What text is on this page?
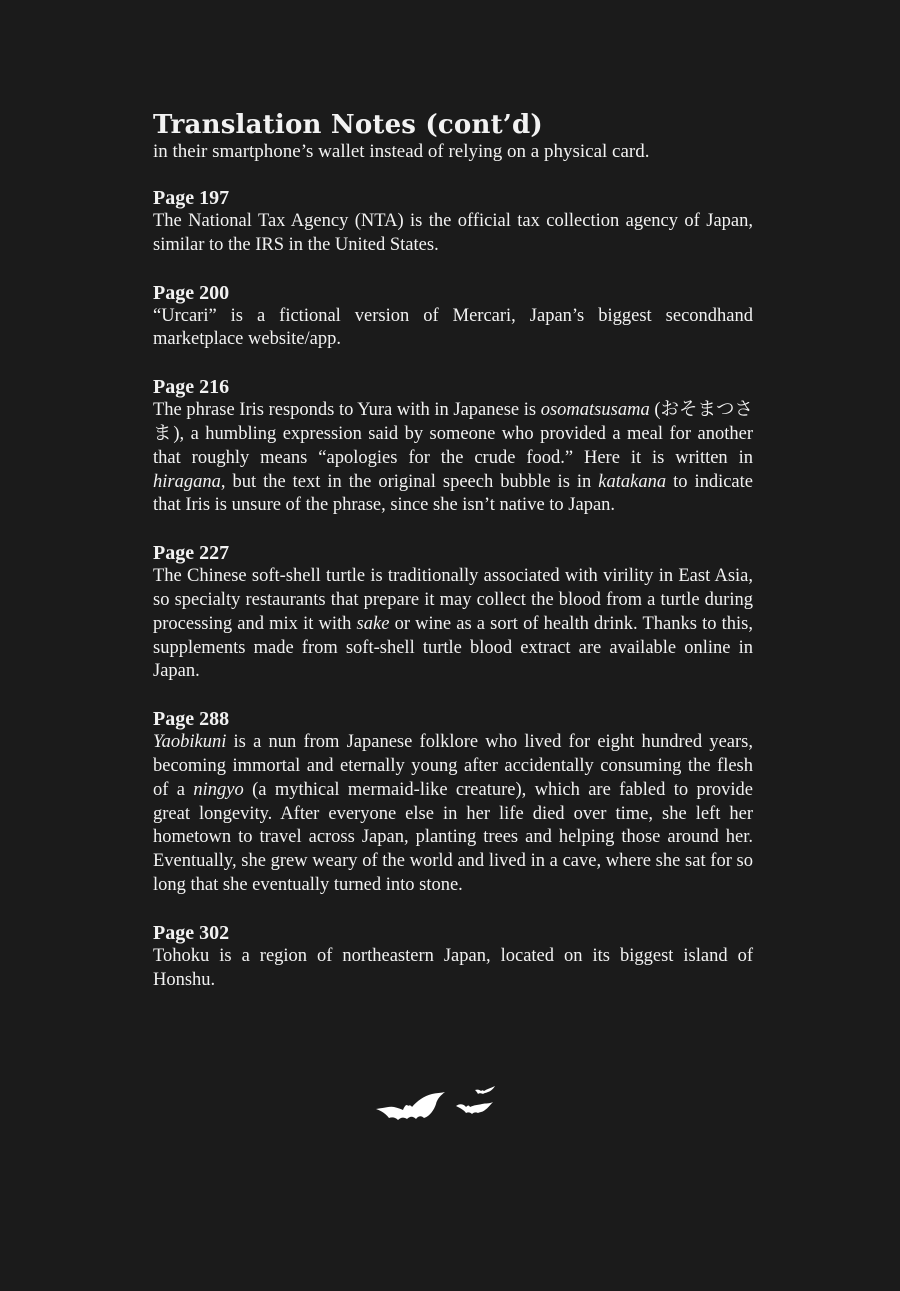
Translation Notes (cont’d)

in their smartphone’s wallet instead of relying on a physical card.

Page 197

The National Tax Agency (NTA) is the official tax collection agency of Japan, similar to the IRS in the United States.

Page 200

“Urcari” is a fictional version of Mercari, Japan’s biggest secondhand marketplace website/app.

Page 216

The phrase Iris responds to Yura with in Japanese is osomatsusama (おそまつさま), a humbling expression said by someone who provided a meal for another that roughly means “apologies for the crude food.” Here it is written in hiragana, but the text in the original speech bubble is in katakana to indicate that Iris is unsure of the phrase, since she isn’t native to Japan.

Page 227

The Chinese soft-shell turtle is traditionally associated with virility in East Asia, so specialty restaurants that prepare it may collect the blood from a turtle during processing and mix it with sake or wine as a sort of health drink. Thanks to this, supplements made from soft-shell turtle blood extract are available online in Japan.

Page 288

Yaobikuni is a nun from Japanese folklore who lived for eight hundred years, becoming immortal and eternally young after accidentally consuming the flesh of a ningyo (a mythical mermaid-like creature), which are fabled to provide great longevity. After everyone else in her life died over time, she left her hometown to travel across Japan, planting trees and helping those around her. Eventually, she grew weary of the world and lived in a cave, where she sat for so long that she eventually turned into stone.

Page 302

Tohoku is a region of northeastern Japan, located on its biggest island of Honshu.
